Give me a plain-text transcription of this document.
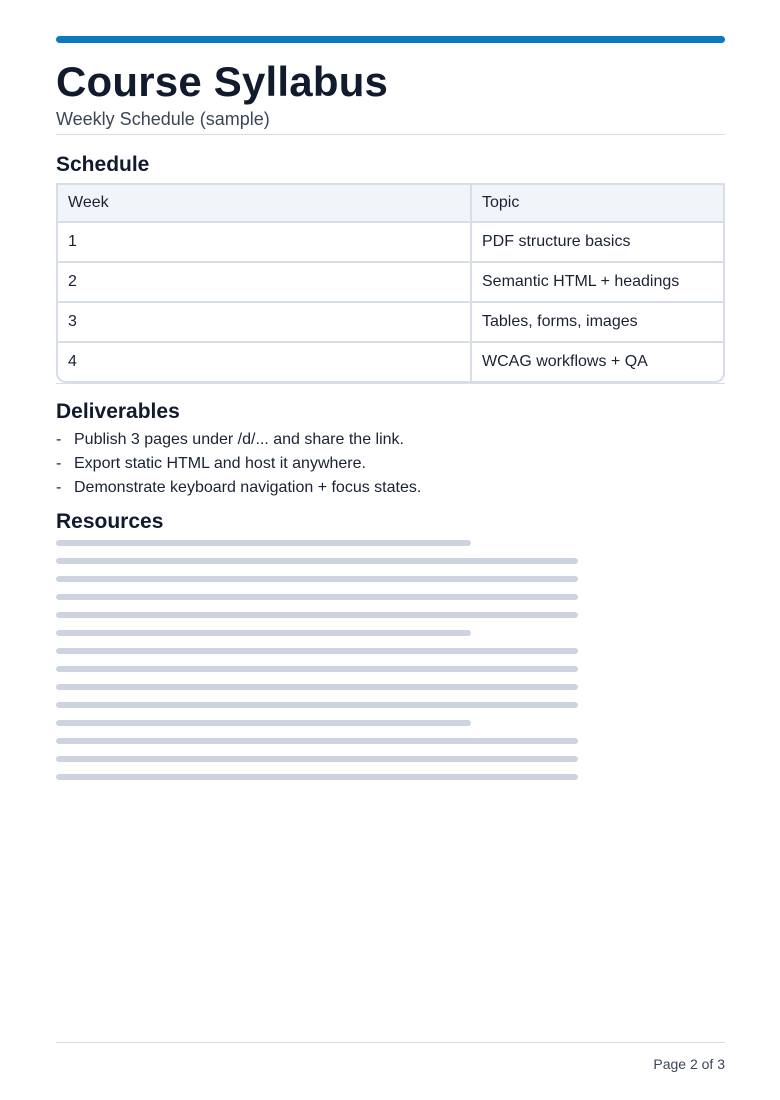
Course Syllabus

Weekly Schedule (sample)

Schedule
Week	Topic
1	PDF structure basics
2	Semantic HTML + headings
3	Tables, forms, images
4	WCAG workflows + QA
Deliverables
- Publish 3 pages under /d/... and share the link.
- Export static HTML and host it anywhere.
- Demonstrate keyboard navigation + focus states.
Resources
Page 2 of 3
